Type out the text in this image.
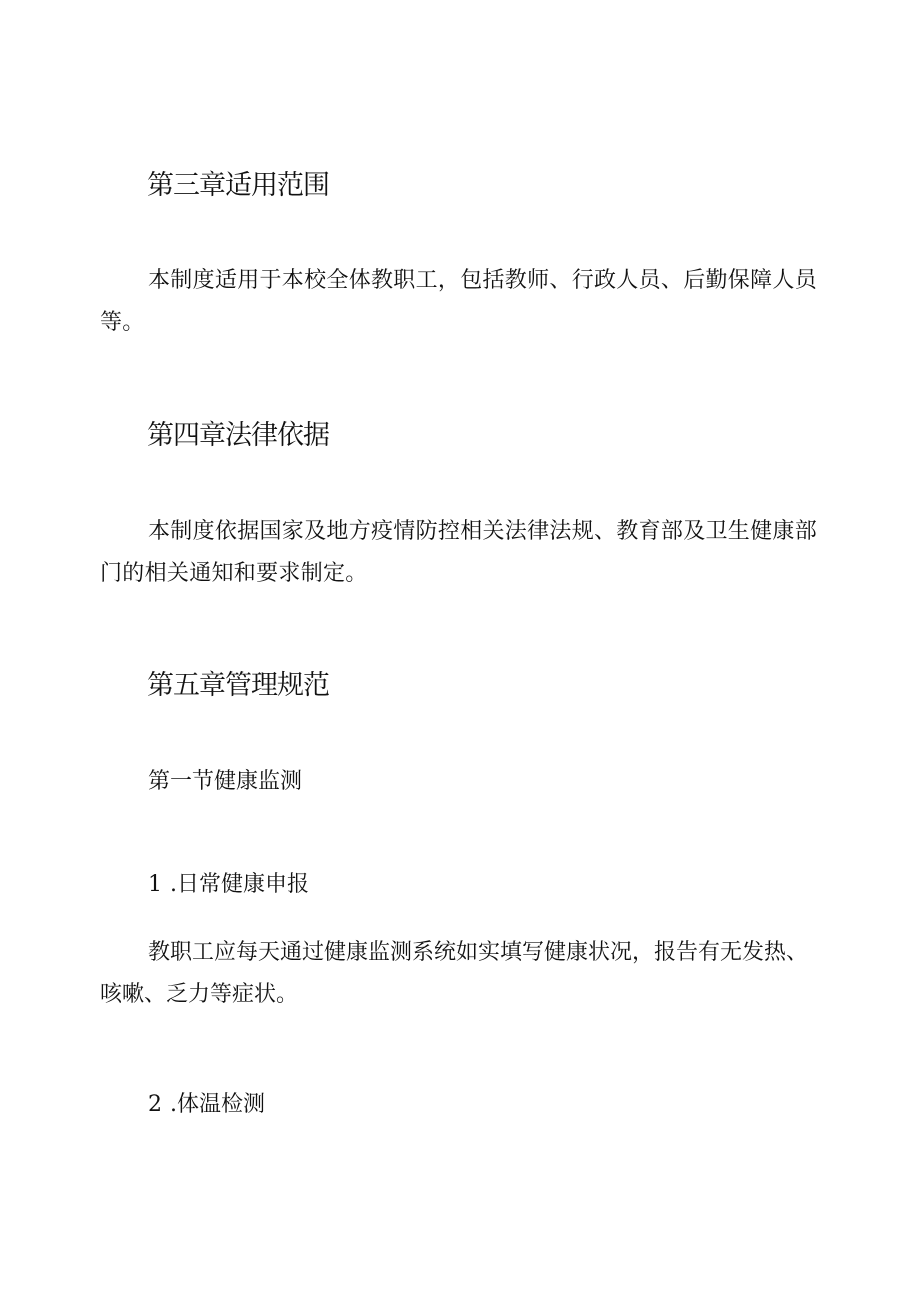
第三章适用范围

本制度适用于本校全体教职工，包括教师、行政人员、后勤保障人员等。

第四章法律依据

本制度依据国家及地方疫情防控相关法律法规、教育部及卫生健康部门的相关通知和要求制定。

第五章管理规范

第一节健康监测

1 .日常健康申报

教职工应每天通过健康监测系统如实填写健康状况，报告有无发热、咳嗽、乏力等症状。

2 .体温检测
